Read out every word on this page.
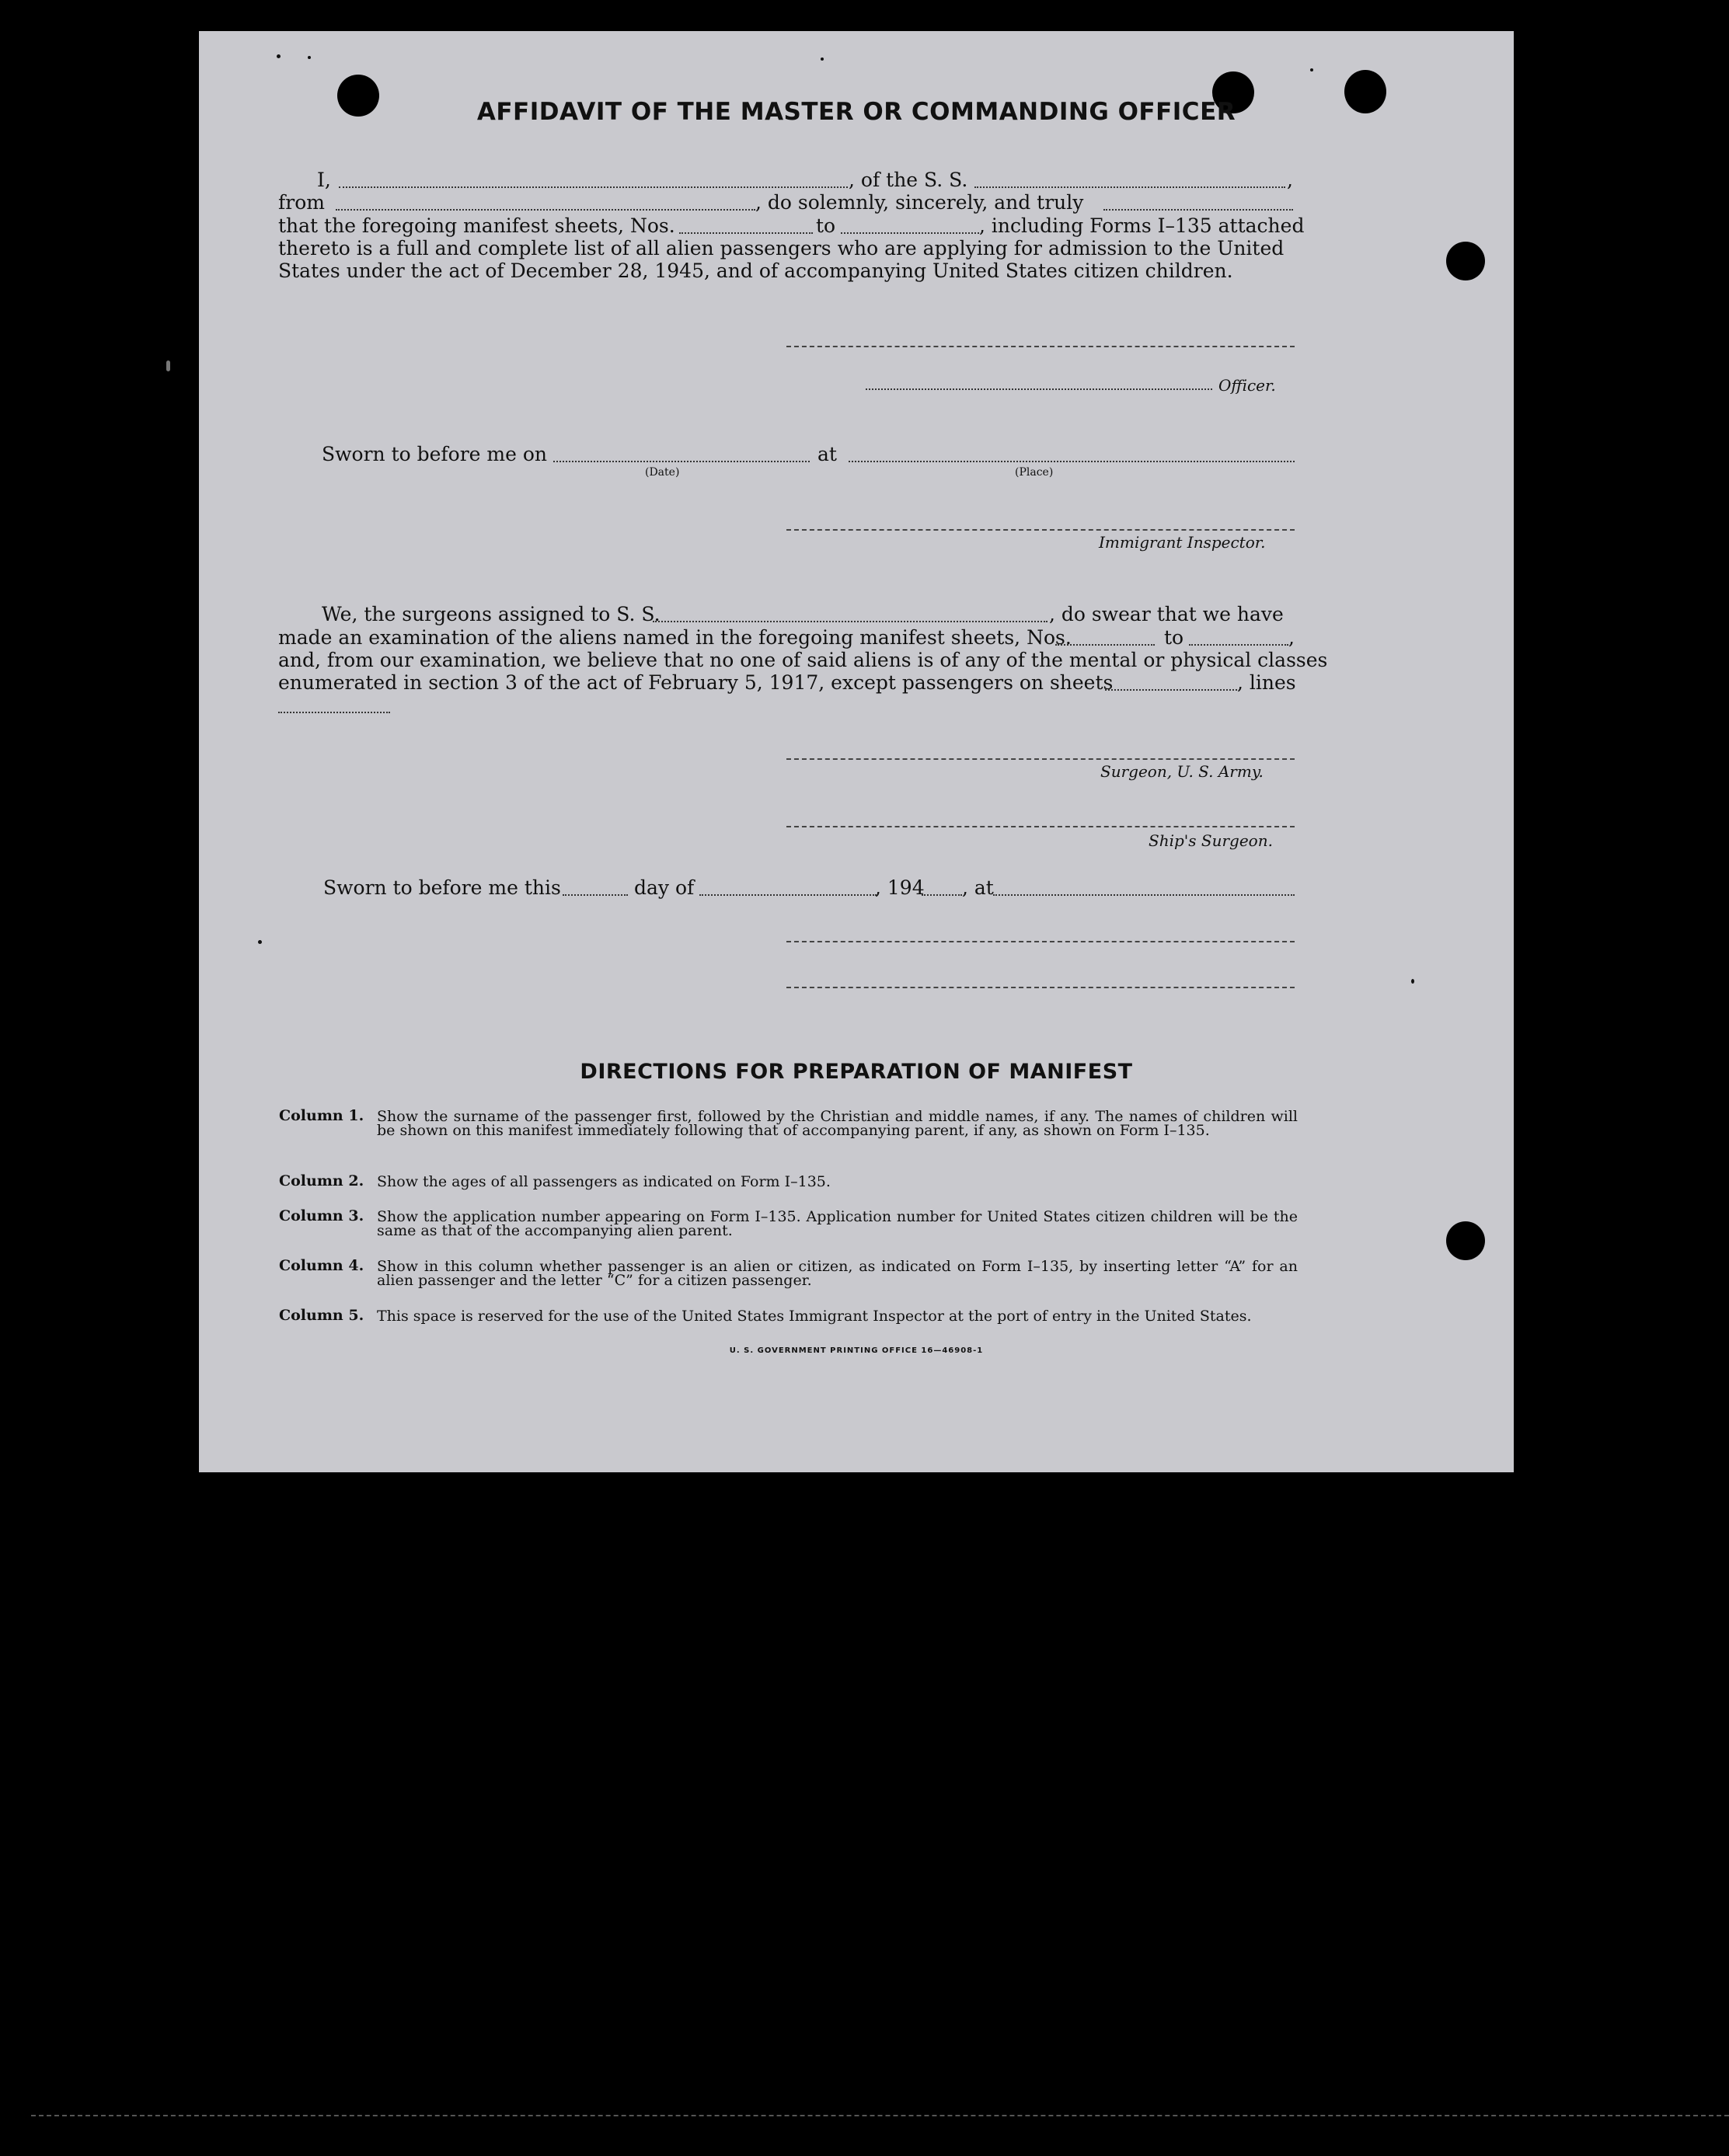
AFFIDAVIT OF THE MASTER OR COMMANDING OFFICER
I,	, of the S. S.	,
from	, do solemnly, sincerely, and truly
that the foregoing manifest sheets, Nos.	to	, including Forms I–135 attached
thereto is a full and complete list of all alien passengers who are applying for admission to the United
States under the act of December 28, 1945, and of accompanying United States citizen children.
Officer.
Sworn to before me on
(Date)
at
(Place)
Immigrant Inspector.
We, the surgeons assigned to S. S.	, do swear that we have
made an examination of the aliens named in the foregoing manifest sheets, Nos.	to	,
and, from our examination, we believe that no one of said aliens is of any of the mental or physical classes
enumerated in section 3 of the act of February 5, 1917, except passengers on sheets	, lines
Surgeon, U. S. Army.
Ship's Surgeon.
Sworn to before me this	day of	, 194 , at
DIRECTIONS FOR PREPARATION OF MANIFEST
Column 1. Show the surname of the passenger first, followed by the Christian and middle names, if any. The names of children will be shown on this manifest immediately following that of accompanying parent, if any, as shown on Form I–135.
Column 2. Show the ages of all passengers as indicated on Form I–135.
Column 3. Show the application number appearing on Form I–135. Application number for United States citizen children will be the same as that of the accompanying alien parent.
Column 4. Show in this column whether passenger is an alien or citizen, as indicated on Form I–135, by inserting letter “A” for an alien passenger and the letter “C” for a citizen passenger.
Column 5. This space is reserved for the use of the United States Immigrant Inspector at the port of entry in the United States.
U. S. GOVERNMENT PRINTING OFFICE 16—46908-1
